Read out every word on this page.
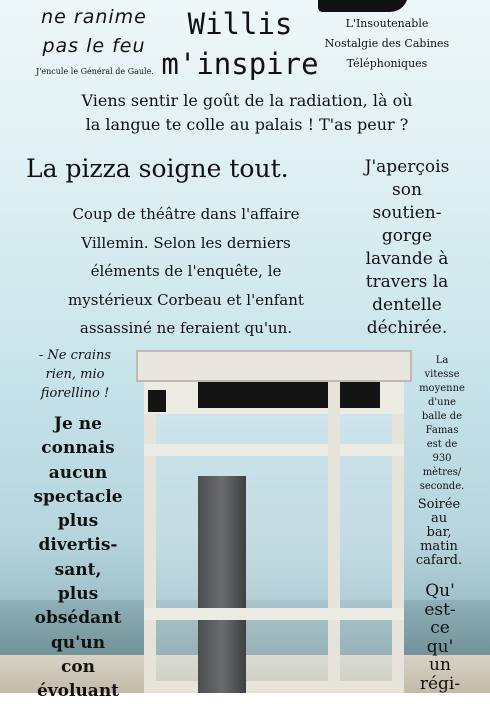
ne ranime
pas le feu

J'encule le Général de Gaule.

Willis
m'inspire

L'Insoutenable
Nostalgie des Cabines
Téléphoniques

Viens sentir le goût de la radiation, là où
la langue te colle au palais ! T'as peur ?

La pizza soigne tout.	J'aperçois
son
soutien-
gorge
lavande à
travers la
dentelle
déchirée.

Coup de théâtre dans l'affaire
Villemin. Selon les derniers
éléments de l'enquête, le
mystérieux Corbeau et l'enfant
assassiné ne feraient qu'un.

- Ne crains
rien, mio
fiorellino !

La
vitesse
moyenne
d'une
balle de
Famas
est de
930
mètres/
seconde.

Soirée
au
bar,
matin
cafard.

Je ne
connais
aucun
spectacle
plus
divertis-
sant,
plus
obsédant
qu'un
con
évoluant

Qu'
est-
ce
qu'
un
régi-
